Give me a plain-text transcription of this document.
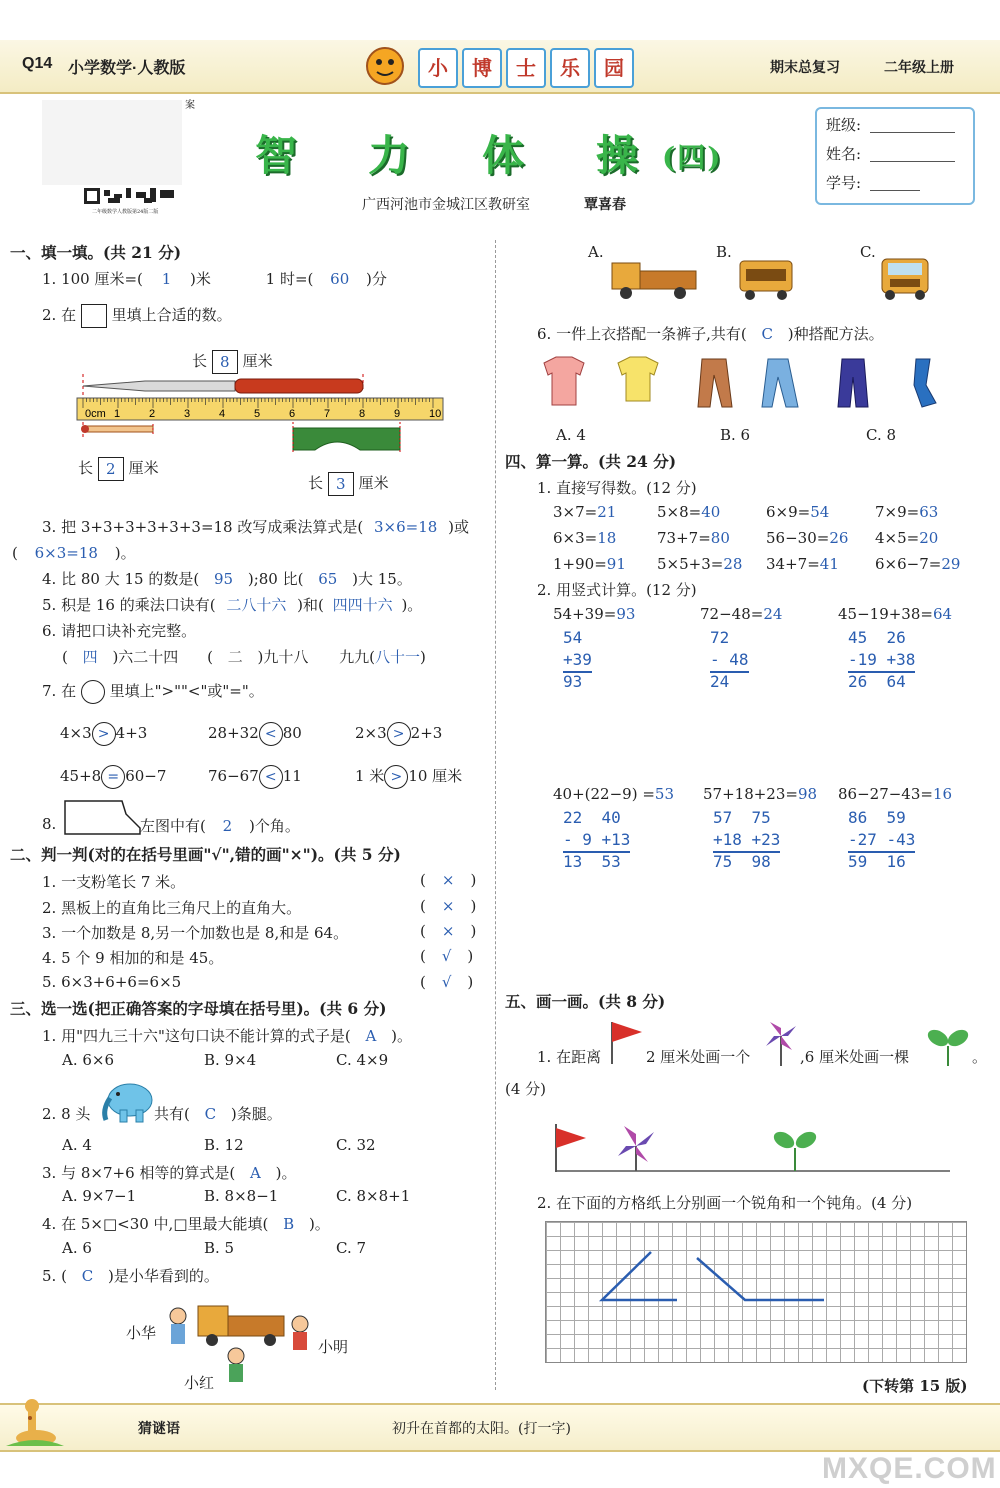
Q14 小学数学·人教版	小	博	士	乐	园	期末总复习	二年级上册
案
二年级数学人教版第24版二版
智 力 体 操 (四)
广西河池市金城江区教研室	覃喜春
班级:
姓名:
学号:
一、填一填。(共 21 分)
1. 100 厘米=( 1 )米	1 时=( 60 )分
2. 在 里填上合适的数。
长 8 厘米
0cm 1	2	3	4	5	6	7	8	9	10
长 2 厘米
长 3 厘米
3. 把 3+3+3+3+3+3=18 改写成乘法算式是( 3×6=18 )或
( 6×3=18 )。
4. 比 80 大 15 的数是( 95 );80 比( 65 )大 15。
5. 积是 16 的乘法口诀有( 二八十六 )和( 四四十六 )。
6. 请把口诀补充完整。
( 四 )六二十四 ( 二 )九十八 九九(八十一)
7. 在 里填上">""<"或"="。
4×3 > 4+3	28+32 < 80	2×3 > 2+3
45+8 = 60−7	76−67 < 11	1 米 > 10 厘米
8.	左图中有( 2 )个角。
二、判一判(对的在括号里画"√",错的画"×")。(共 5 分)
1. 一支粉笔长 7 米。	( × )
2. 黑板上的直角比三角尺上的直角大。	( × )
3. 一个加数是 8,另一个加数也是 8,和是 64。	( × )
4. 5 个 9 相加的和是 45。	( √ )
5. 6×3+6+6=6×5	( √ )
三、选一选(把正确答案的字母填在括号里)。(共 6 分)
1. 用"四九三十六"这句口诀不能计算的式子是( A )。
A. 6×6	B. 9×4	C. 4×9
2. 8 头	共有( C )条腿。
A. 4	B. 12	C. 32
3. 与 8×7+6 相等的算式是( A )。
A. 9×7−1	B. 8×8−1	C. 8×8+1
4. 在 5×□<30 中,□里最大能填( B )。
A. 6	B. 5	C. 7
5. ( C )是小华看到的。
小华
小明
小红
A.	B.	C.
6. 一件上衣搭配一条裤子,共有( C )种搭配方法。
A. 4	B. 6	C. 8
四、算一算。(共 24 分)
1. 直接写得数。(12 分)
3×7=21	5×8=40	6×9=54	7×9=63
6×3=18	73+7=80 56−30=26 4×5=20
1+90=91 5×5+3=28 34+7=41 6×6−7=29
2. 用竖式计算。(12 分)
54+39=93
54
+39
93
72−48=24
72
- 48
24
45−19+38=64
45  26
-19 +38
26  64
40+(22−9) =53
22  40
- 9 +13
13  53
57+18+23=98
57  75
+18 +23
75  98
86−27−43=16
86  59
-27 -43
59  16
五、画一画。(共 8 分)
1. 在距离	2 厘米处画一个	,6 厘米处画一棵	。
(4 分)
2. 在下面的方格纸上分别画一个锐角和一个钝角。(4 分)
(下转第 15 版)
猜谜语	初升在首都的太阳。(打一字)
MXQE.COM
